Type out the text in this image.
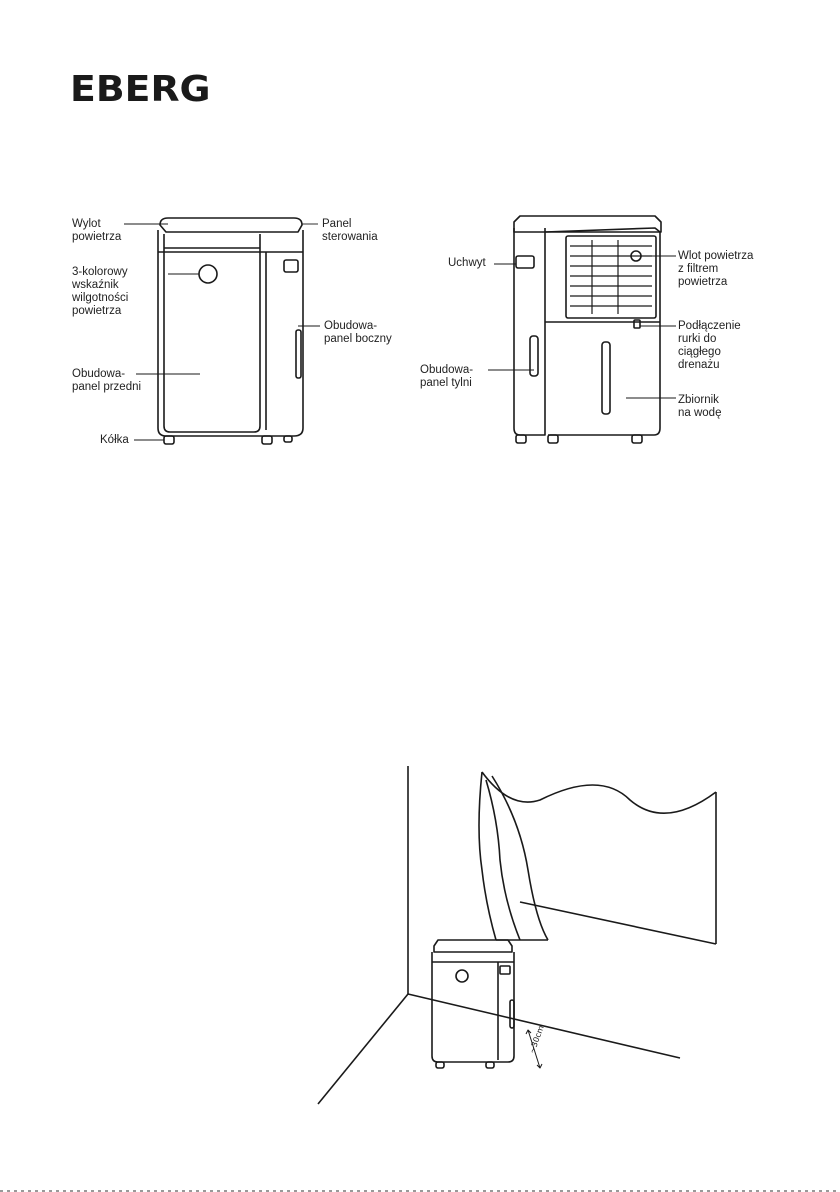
EBERG
~30cm
Wylot
powietrza
Panel
sterowania
3-kolorowy
wskaźnik
wilgotności
powietrza
Obudowa-
panel boczny
Obudowa-
panel przedni
Kółka
Uchwyt
Wlot powietrza
z filtrem
powietrza
Podłączenie
rurki do
ciągłego
drenażu
Obudowa-
panel tylni
Zbiornik
na wodę
